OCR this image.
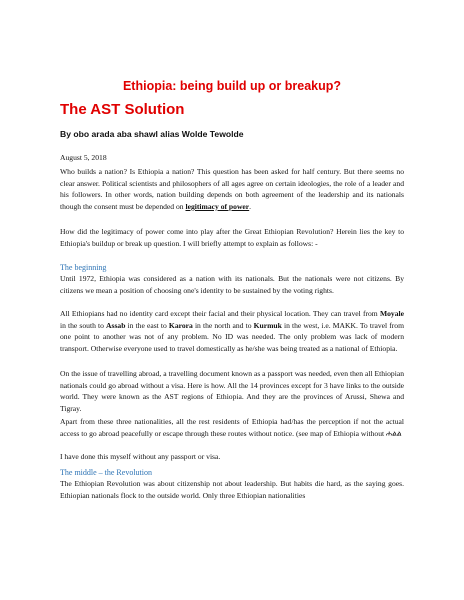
Ethiopia: being build up or breakup?
The AST Solution
By obo arada aba shawl alias Wolde Tewolde

August 5, 2018

Who builds a nation? Is Ethiopia a nation? This question has been asked for half century. But there seems no clear answer. Political scientists and philosophers of all ages agree on certain ideologies, the role of a leader and his followers. In other words, nation building depends on both agreement of the leadership and its nationals though the consent must be depended on legitimacy of power.

How did the legitimacy of power come into play after the Great Ethiopian Revolution? Herein lies the key to Ethiopia's buildup or break up question. I will briefly attempt to explain as follows: -

The beginning

Until 1972, Ethiopia was considered as a nation with its nationals. But the nationals were not citizens. By citizens we mean a position of choosing one's identity to be sustained by the voting rights.

All Ethiopians had no identity card except their facial and their physical location. They can travel from Moyale in the south to Assab in the east to Karora in the north and to Kurmuk in the west, i.e. MAKK. To travel from one point to another was not of any problem. No ID was needed. The only problem was lack of modern transport. Otherwise everyone used to travel domestically as he/she was being treated as a national of Ethiopia.

On the issue of travelling abroad, a travelling document known as a passport was needed, even then all Ethiopian nationals could go abroad without a visa. Here is how. All the 14 provinces except for 3 have links to the outside world. They were known as the AST regions of Ethiopia. And they are the provinces of Arussi, Shewa and Tigray.

Apart from these three nationalities, all the rest residents of Ethiopia had/has the perception if not the actual access to go abroad peacefully or escape through these routes without notice. (see map of Ethiopia without ሐልል

I have done this myself without any passport or visa.

The middle – the Revolution

The Ethiopian Revolution was about citizenship not about leadership. But habits die hard, as the saying goes. Ethiopian nationals flock to the outside world. Only three Ethiopian nationalities
